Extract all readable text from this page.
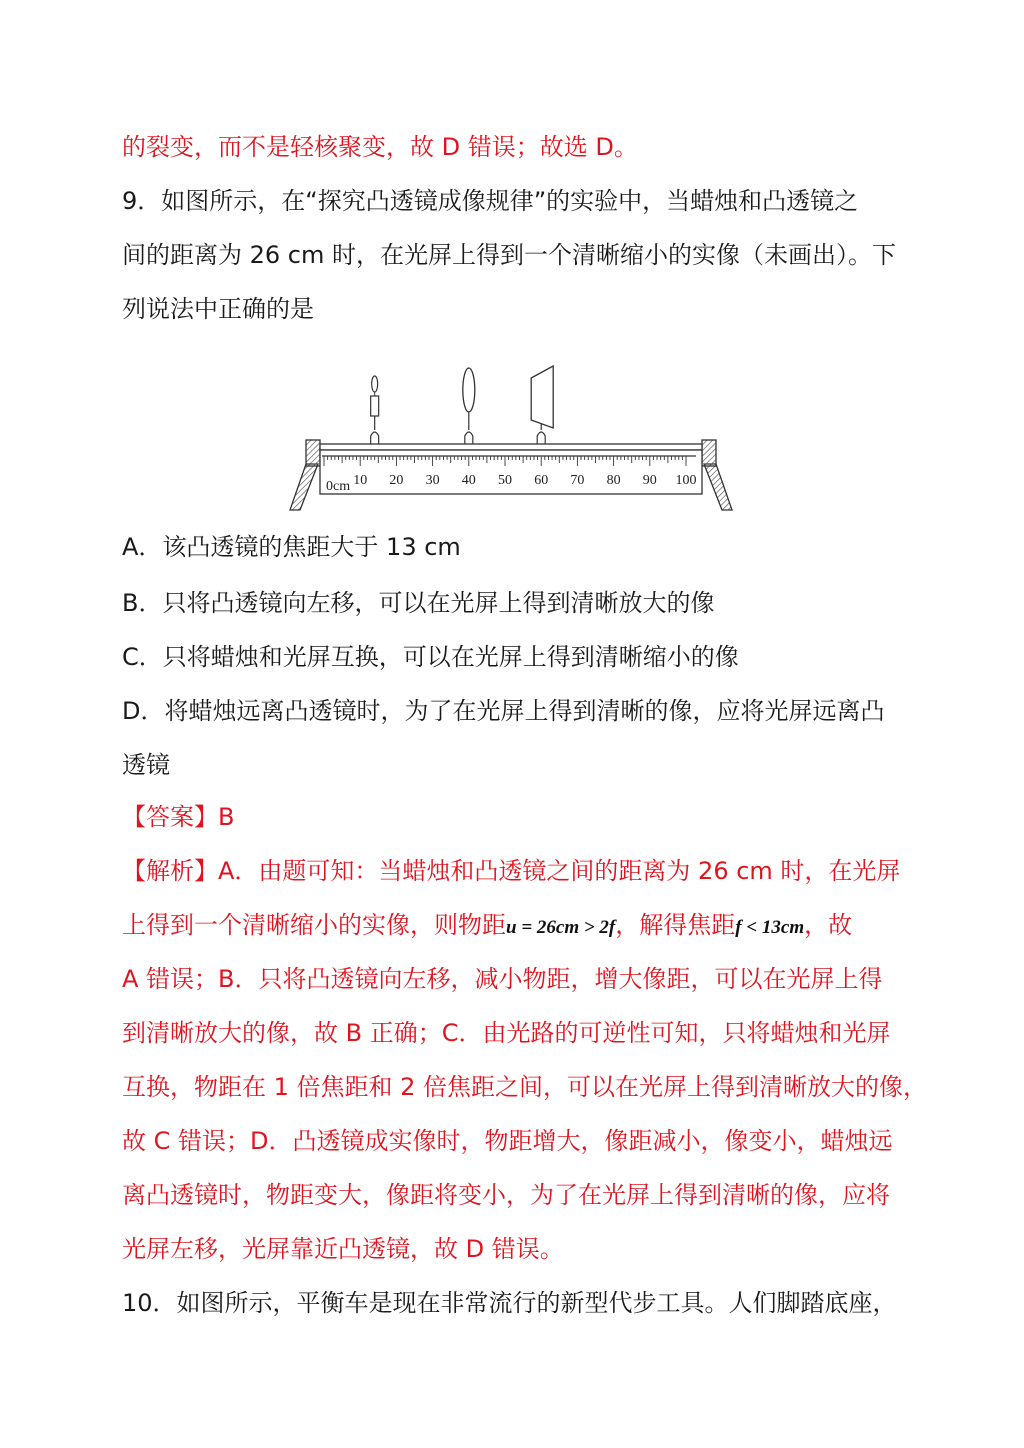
的裂变，而不是轻核聚变，故 D 错误；故选 D。
9．如图所示，在“探究凸透镜成像规律”的实验中，当蜡烛和凸透镜之
间的距离为 26 cm 时，在光屏上得到一个清晰缩小的实像（未画出）。下
列说法中正确的是
0cm 10 20 30 40 50 60 70 80 90 100
A．该凸透镜的焦距大于 13 cm
B．只将凸透镜向左移，可以在光屏上得到清晰放大的像
C．只将蜡烛和光屏互换，可以在光屏上得到清晰缩小的像
D．将蜡烛远离凸透镜时，为了在光屏上得到清晰的像，应将光屏远离凸
透镜
【答案】B
【解析】A．由题可知：当蜡烛和凸透镜之间的距离为 26 cm 时，在光屏
上得到一个清晰缩小的实像，则物距u = 26cm > 2f，解得焦距f < 13cm，故
A 错误；B．只将凸透镜向左移，减小物距，增大像距，可以在光屏上得
到清晰放大的像，故 B 正确；C．由光路的可逆性可知，只将蜡烛和光屏
互换，物距在 1 倍焦距和 2 倍焦距之间，可以在光屏上得到清晰放大的像，
故 C 错误；D．凸透镜成实像时，物距增大，像距减小，像变小，蜡烛远
离凸透镜时，物距变大，像距将变小，为了在光屏上得到清晰的像，应将
光屏左移，光屏靠近凸透镜，故 D 错误。
10．如图所示，平衡车是现在非常流行的新型代步工具。人们脚踏底座，
